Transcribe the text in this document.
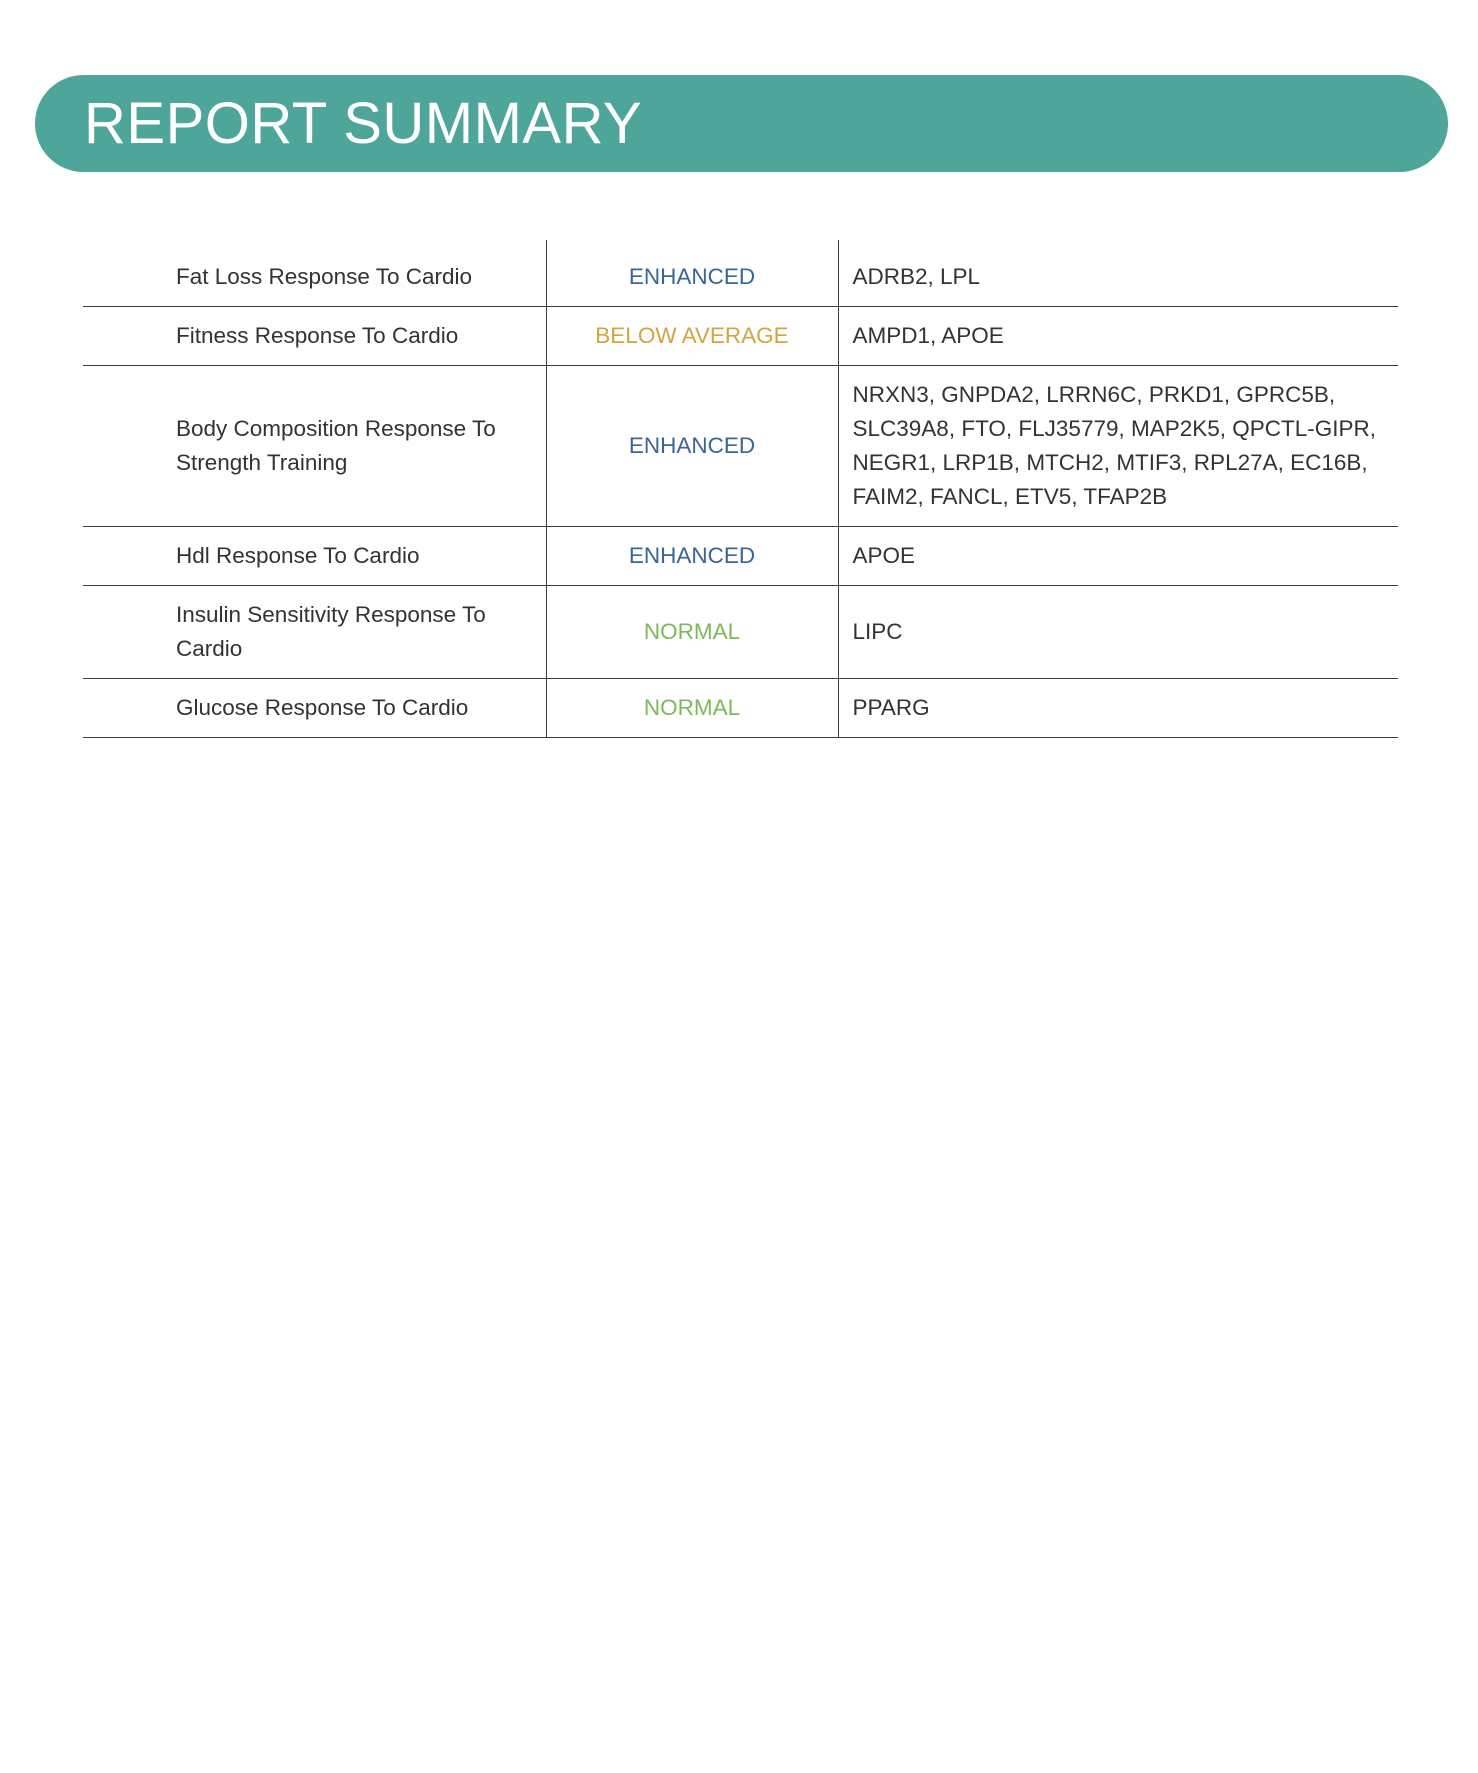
REPORT SUMMARY
Fat Loss Response To Cardio	ENHANCED	ADRB2, LPL
Fitness Response To Cardio	BELOW AVERAGE	AMPD1, APOE
Body Composition Response To Strength Training	ENHANCED	NRXN3, GNPDA2, LRRN6C, PRKD1, GPRC5B, SLC39A8, FTO, FLJ35779, MAP2K5, QPCTL-GIPR, NEGR1, LRP1B, MTCH2, MTIF3, RPL27A, EC16B, FAIM2, FANCL, ETV5, TFAP2B
Hdl Response To Cardio	ENHANCED	APOE
Insulin Sensitivity Response To Cardio	NORMAL	LIPC
Glucose Response To Cardio	NORMAL	PPARG
